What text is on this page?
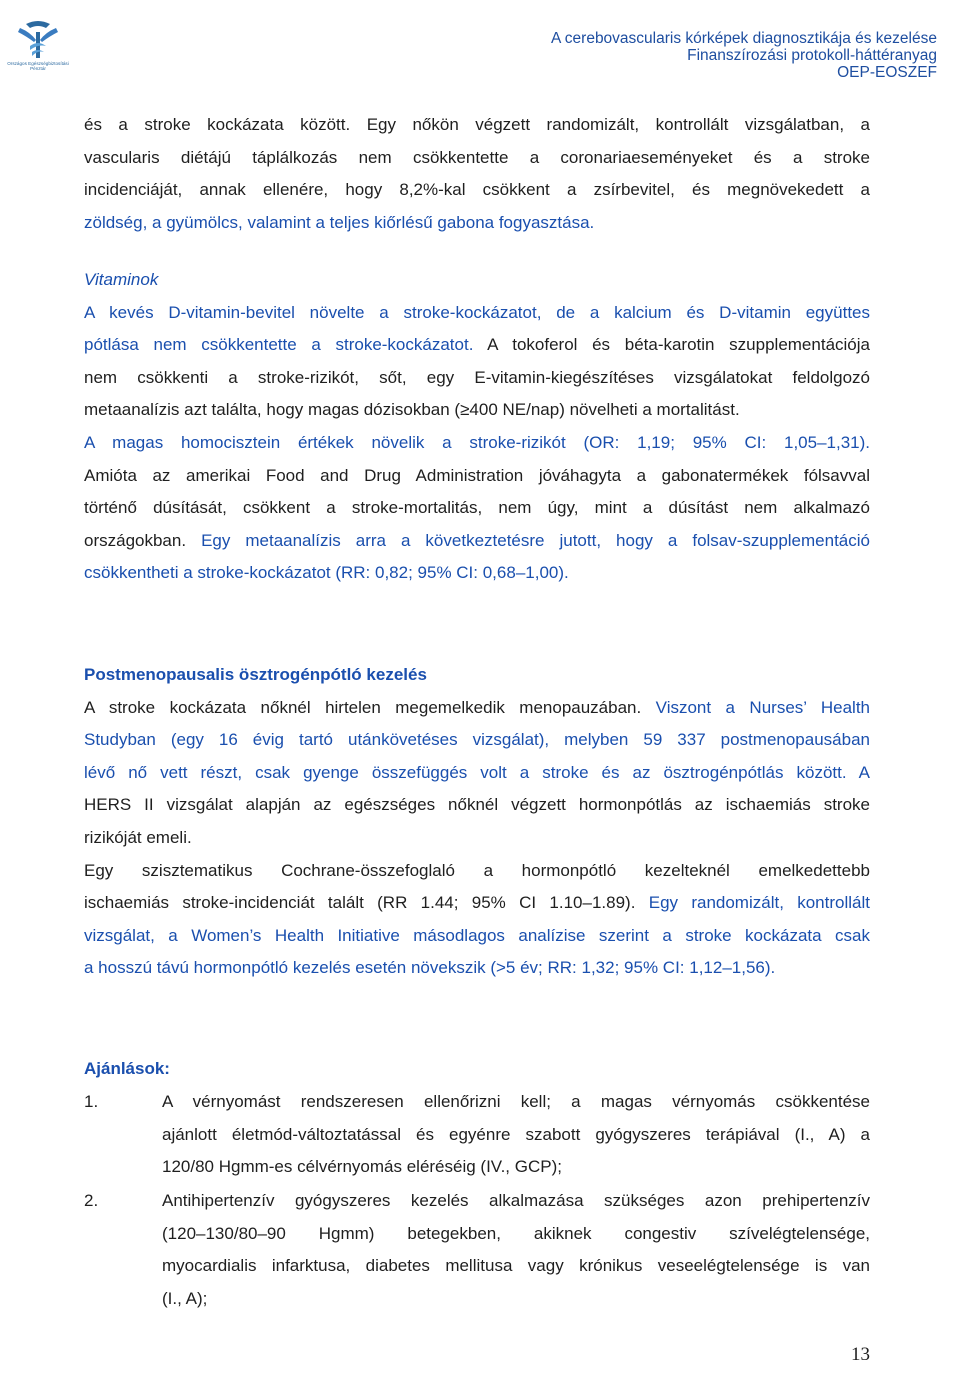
Országos Egészségbiztosítási
Pénztár
A cerebovascularis kórképek diagnosztikája és kezelése
Finanszírozási protokoll-háttéranyag
OEP-EOSZEF
és a stroke kockázata között. Egy nőkön végzett randomizált, kontrollált vizsgálatban, a
vascularis diétájú táplálkozás nem csökkentette a coronariaeseményeket és a stroke
incidenciáját, annak ellenére, hogy 8,2%-kal csökkent a zsírbevitel, és megnövekedett a
zöldség, a gyümölcs, valamint a teljes kiőrlésű gabona fogyasztása.
Vitaminok
A kevés D-vitamin-bevitel növelte a stroke-kockázatot, de a kalcium és D-vitamin együttes
pótlása nem csökkentette a stroke-kockázatot. A tokoferol és béta-karotin szupplementációja
nem csökkenti a stroke-rizikót, sőt, egy E-vitamin-kiegészítéses vizsgálatokat feldolgozó
metaanalízis azt találta, hogy magas dózisokban (≥400 NE/nap) növelheti a mortalitást.
A magas homocisztein értékek növelik a stroke-rizikót (OR: 1,19; 95% CI: 1,05–1,31).
Amióta az amerikai Food and Drug Administration jóváhagyta a gabonatermékek fólsavval
történő dúsítását, csökkent a stroke-mortalitás, nem úgy, mint a dúsítást nem alkalmazó
országokban. Egy metaanalízis arra a következtetésre jutott, hogy a folsav-szupplementáció
csökkentheti a stroke-kockázatot (RR: 0,82; 95% CI: 0,68–1,00).
Postmenopausalis ösztrogénpótló kezelés
A stroke kockázata nőknél hirtelen megemelkedik menopauzában. Viszont a Nurses’ Health
Studyban (egy 16 évig tartó utánkövetéses vizsgálat), melyben 59 337 postmenopausában
lévő nő vett részt, csak gyenge összefüggés volt a stroke és az ösztrogénpótlás között. A
HERS II vizsgálat alapján az egészséges nőknél végzett hormonpótlás az ischaemiás stroke
rizikóját emeli.
Egy szisztematikus Cochrane-összefoglaló a hormonpótló kezelteknél emelkedettebb
ischaemiás stroke-incidenciát talált (RR 1.44; 95% CI 1.10–1.89). Egy randomizált, kontrollált
vizsgálat, a Women’s Health Initiative másodlagos analízise szerint a stroke kockázata csak
a hosszú távú hormonpótló kezelés esetén növekszik (>5 év; RR: 1,32; 95% CI: 1,12–1,56).
Ajánlások:
1.	A vérnyomást rendszeresen ellenőrizni kell; a magas vérnyomás csökkentése
ajánlott életmód-változtatással és egyénre szabott gyógyszeres terápiával (I., A) a
120/80 Hgmm-es célvérnyomás eléréséig (IV., GCP);
2.	Antihipertenzív gyógyszeres kezelés alkalmazása szükséges azon prehipertenzív
(120–130/80–90 Hgmm) betegekben, akiknek congestiv szívelégtelensége,
myocardialis infarktusa, diabetes mellitusa vagy krónikus veseelégtelensége is van
(I., A);
13
